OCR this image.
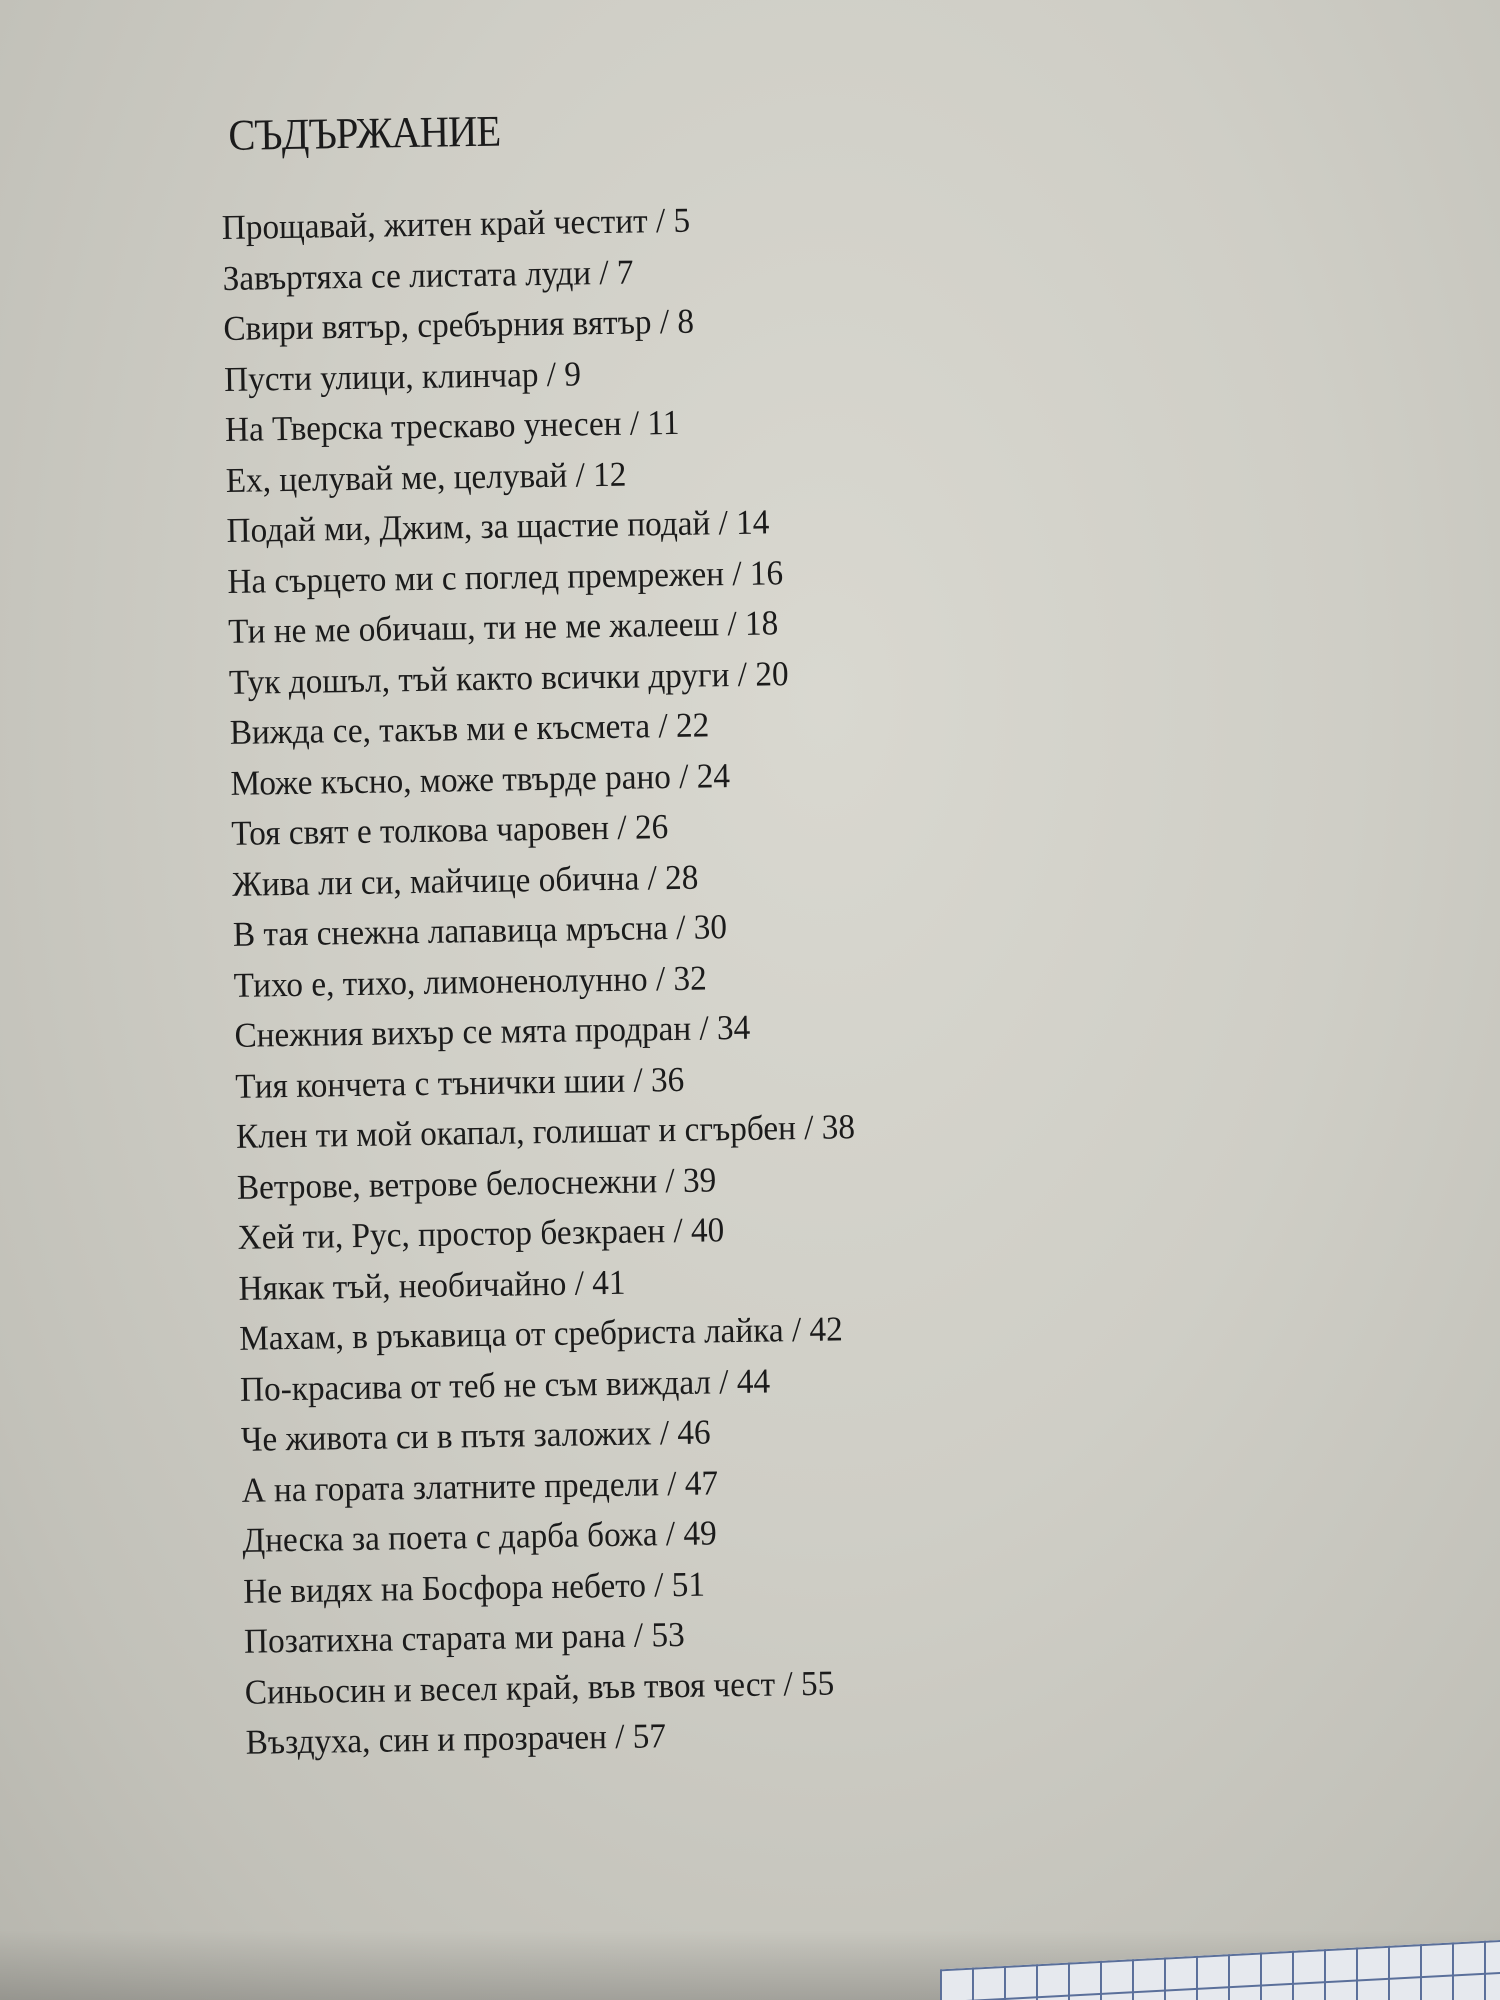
СЪДЪРЖАНИЕ
Прощавай, житен край честит / 5
Завъртяха се листата луди / 7
Свири вятър, сребърния вятър / 8
Пусти улици, клинчар / 9
На Тверска трескаво унесен / 11
Ех, целувай ме, целувай / 12
Подай ми, Джим, за щастие подай / 14
На сърцето ми с поглед премрежен / 16
Ти не ме обичаш, ти не ме жалееш / 18
Тук дошъл, тъй както всички други / 20
Вижда се, такъв ми е късмета / 22
Може късно, може твърде рано / 24
Тоя свят е толкова чаровен / 26
Жива ли си, майчице обична / 28
В тая снежна лапавица мръсна / 30
Тихо е, тихо, лимоненолунно / 32
Снежния вихър се мята продран / 34
Тия кончета с тънички шии / 36
Клен ти мой окапал, голишат и сгърбен / 38
Ветрове, ветрове белоснежни / 39
Хей ти, Рус, простор безкраен / 40
Някак тъй, необичайно / 41
Махам, в ръкавица от сребриста лайка / 42
По-красива от теб не съм виждал / 44
Че живота си в пътя заложих / 46
А на гората златните предели / 47
Днеска за поета с дарба божа / 49
Не видях на Босфора небето / 51
Позатихна старата ми рана / 53
Синьосин и весел край, във твоя чест / 55
Въздуха, син и прозрачен / 57
